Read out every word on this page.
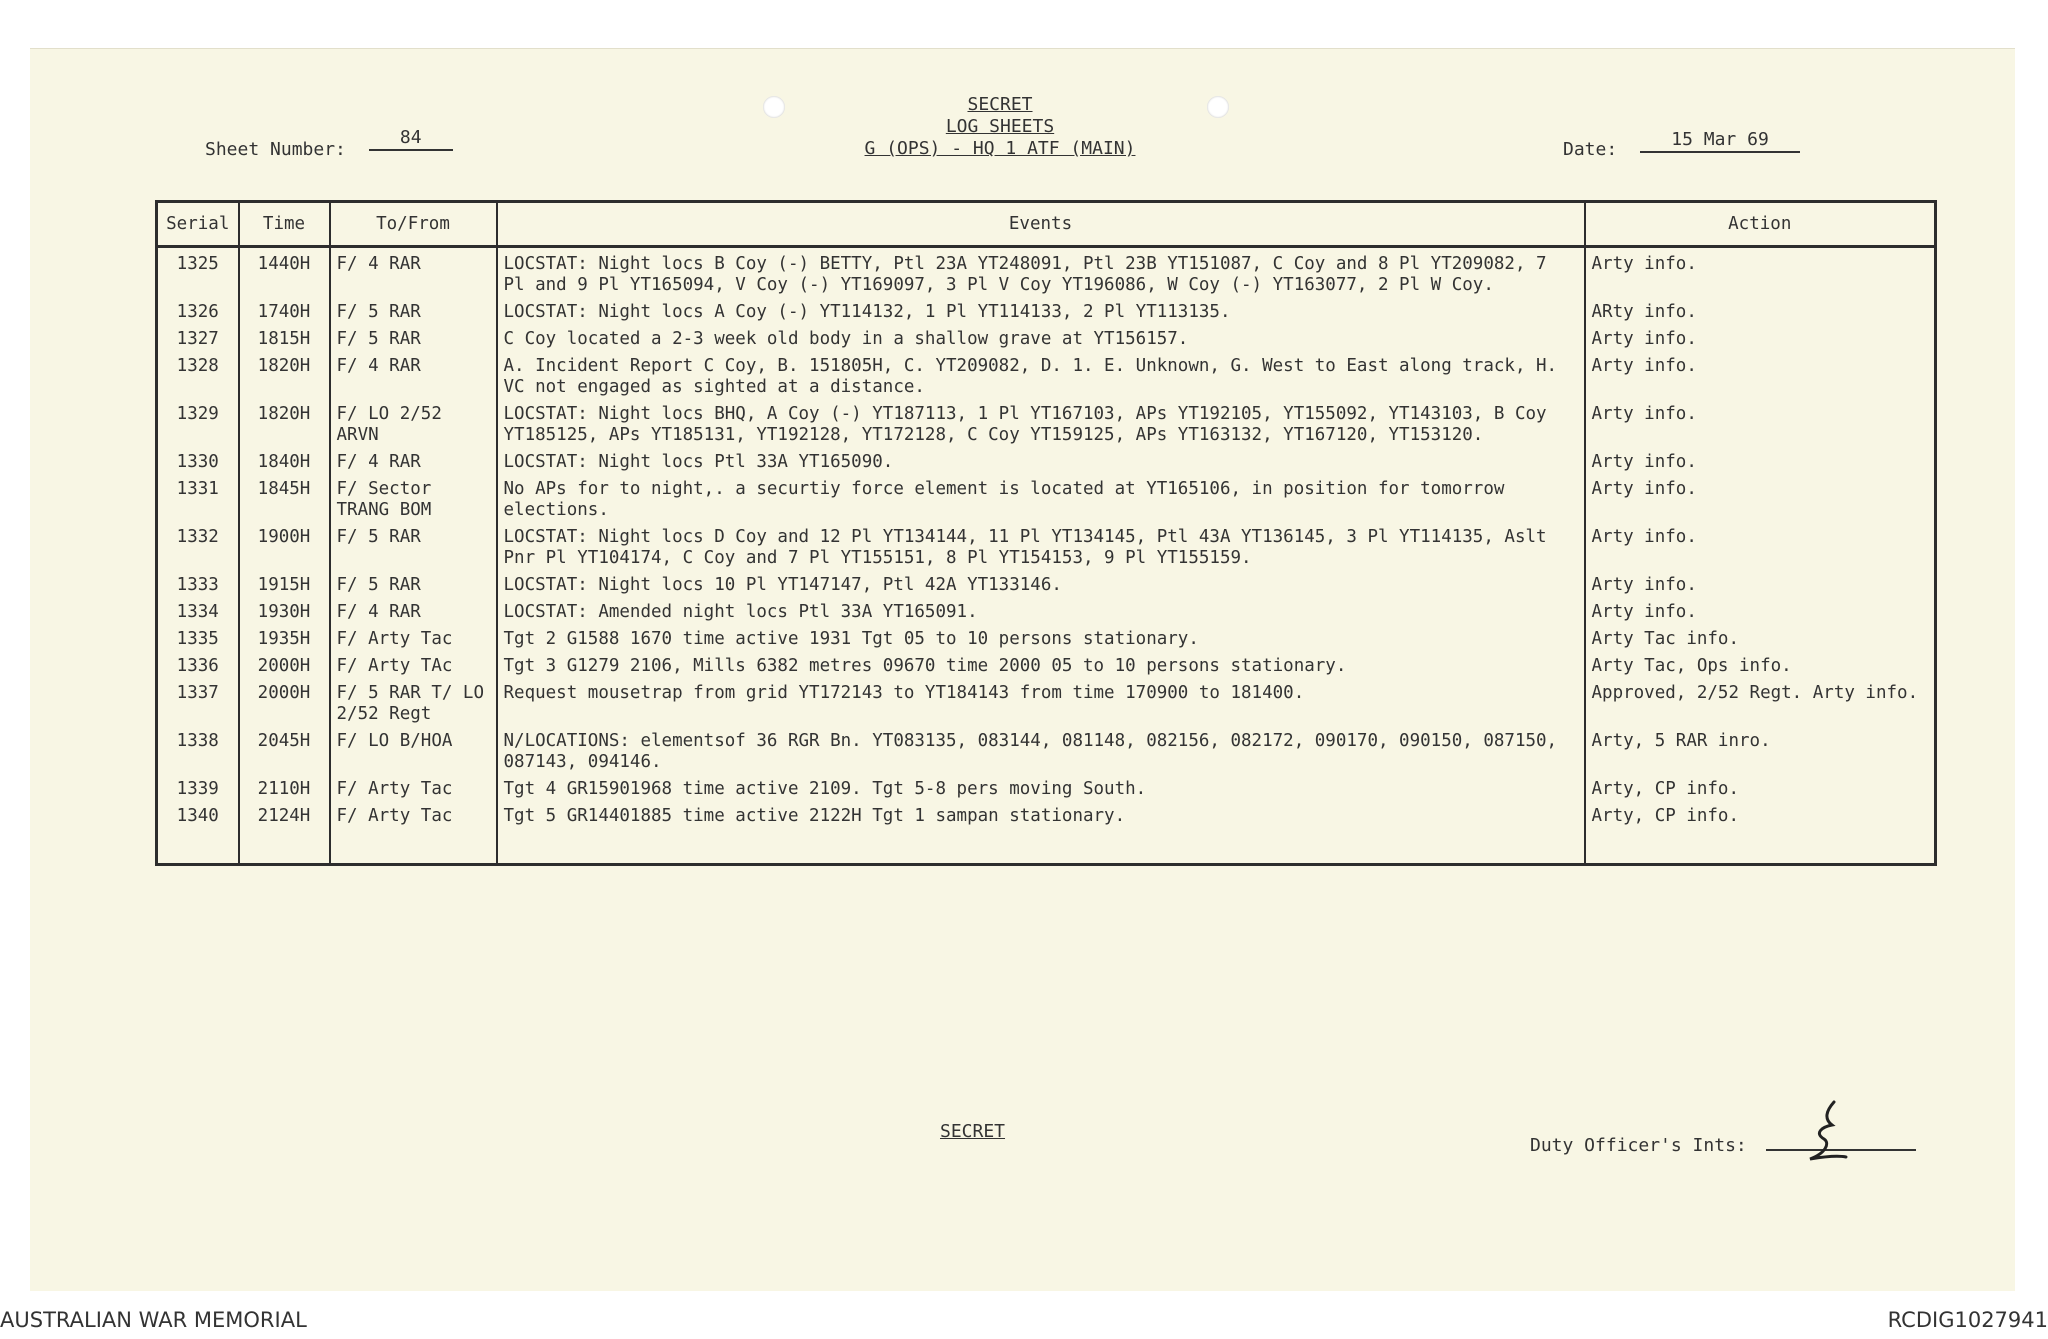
SECRET
LOG SHEETS
G (OPS) - HQ 1 ATF (MAIN)
Sheet Number: 84
Date:	15 Mar 69
Serial	Time	To/From	Events	Action
1325	1440H	F/ 4 RAR	LOCSTAT: Night locs B Coy (-) BETTY, Ptl 23A YT248091, Ptl 23B YT151087, C Coy and 8 Pl YT209082, 7 Pl and 9 Pl YT165094, V Coy (-) YT169097, 3 Pl V Coy YT196086, W Coy (-) YT163077, 2 Pl W Coy.	Arty info.
1326	1740H	F/ 5 RAR	LOCSTAT: Night locs A Coy (-) YT114132, 1 Pl YT114133, 2 Pl YT113135.	ARty info.
1327	1815H	F/ 5 RAR	C Coy located a 2-3 week old body in a shallow grave at YT156157.	Arty info.
1328	1820H	F/ 4 RAR	A. Incident Report C Coy, B. 151805H, C. YT209082, D. 1. E. Unknown, G. West to East along track, H. VC not engaged as sighted at a distance.	Arty info.
1329	1820H	F/ LO 2/52 ARVN	LOCSTAT: Night locs BHQ, A Coy (-) YT187113, 1 Pl YT167103, APs YT192105, YT155092, YT143103, B Coy YT185125, APs YT185131, YT192128, YT172128, C Coy YT159125, APs YT163132, YT167120, YT153120.	Arty info.
1330	1840H	F/ 4 RAR	LOCSTAT: Night locs Ptl 33A YT165090.	Arty info.
1331	1845H	F/ Sector TRANG BOM	No APs for to night,. a securtiy force element is located at YT165106, in position for tomorrow elections.	Arty info.
1332	1900H	F/ 5 RAR	LOCSTAT: Night locs D Coy and 12 Pl YT134144, 11 Pl YT134145, Ptl 43A YT136145, 3 Pl YT114135, Aslt Pnr Pl YT104174, C Coy and 7 Pl YT155151, 8 Pl YT154153, 9 Pl YT155159.	Arty info.
1333	1915H	F/ 5 RAR	LOCSTAT: Night locs 10 Pl YT147147, Ptl 42A YT133146.	Arty info.
1334	1930H	F/ 4 RAR	LOCSTAT: Amended night locs Ptl 33A YT165091.	Arty info.
1335	1935H	F/ Arty Tac	Tgt 2 G1588 1670 time active 1931 Tgt 05 to 10 persons stationary.	Arty Tac info.
1336	2000H	F/ Arty TAc	Tgt 3 G1279 2106, Mills 6382 metres 09670 time 2000 05 to 10 persons stationary.	Arty Tac, Ops info.
1337	2000H	F/ 5 RAR T/ LO 2/52 Regt	Request mousetrap from grid YT172143 to YT184143 from time 170900 to 181400.	Approved, 2/52 Regt. Arty info.
1338	2045H	F/ LO B/HOA	N/LOCATIONS: elementsof 36 RGR Bn. YT083135, 083144, 081148, 082156, 082172, 090170, 090150, 087150, 087143, 094146.	Arty, 5 RAR inro.
1339	2110H	F/ Arty Tac	Tgt 4 GR15901968 time active 2109. Tgt 5-8 pers moving South.	Arty, CP info.
1340	2124H	F/ Arty Tac	Tgt 5 GR14401885 time active 2122H Tgt 1 sampan stationary.	Arty, CP info.

SECRET
Duty Officer's Ints:
AUSTRALIAN WAR MEMORIAL	RCDIG1027941
